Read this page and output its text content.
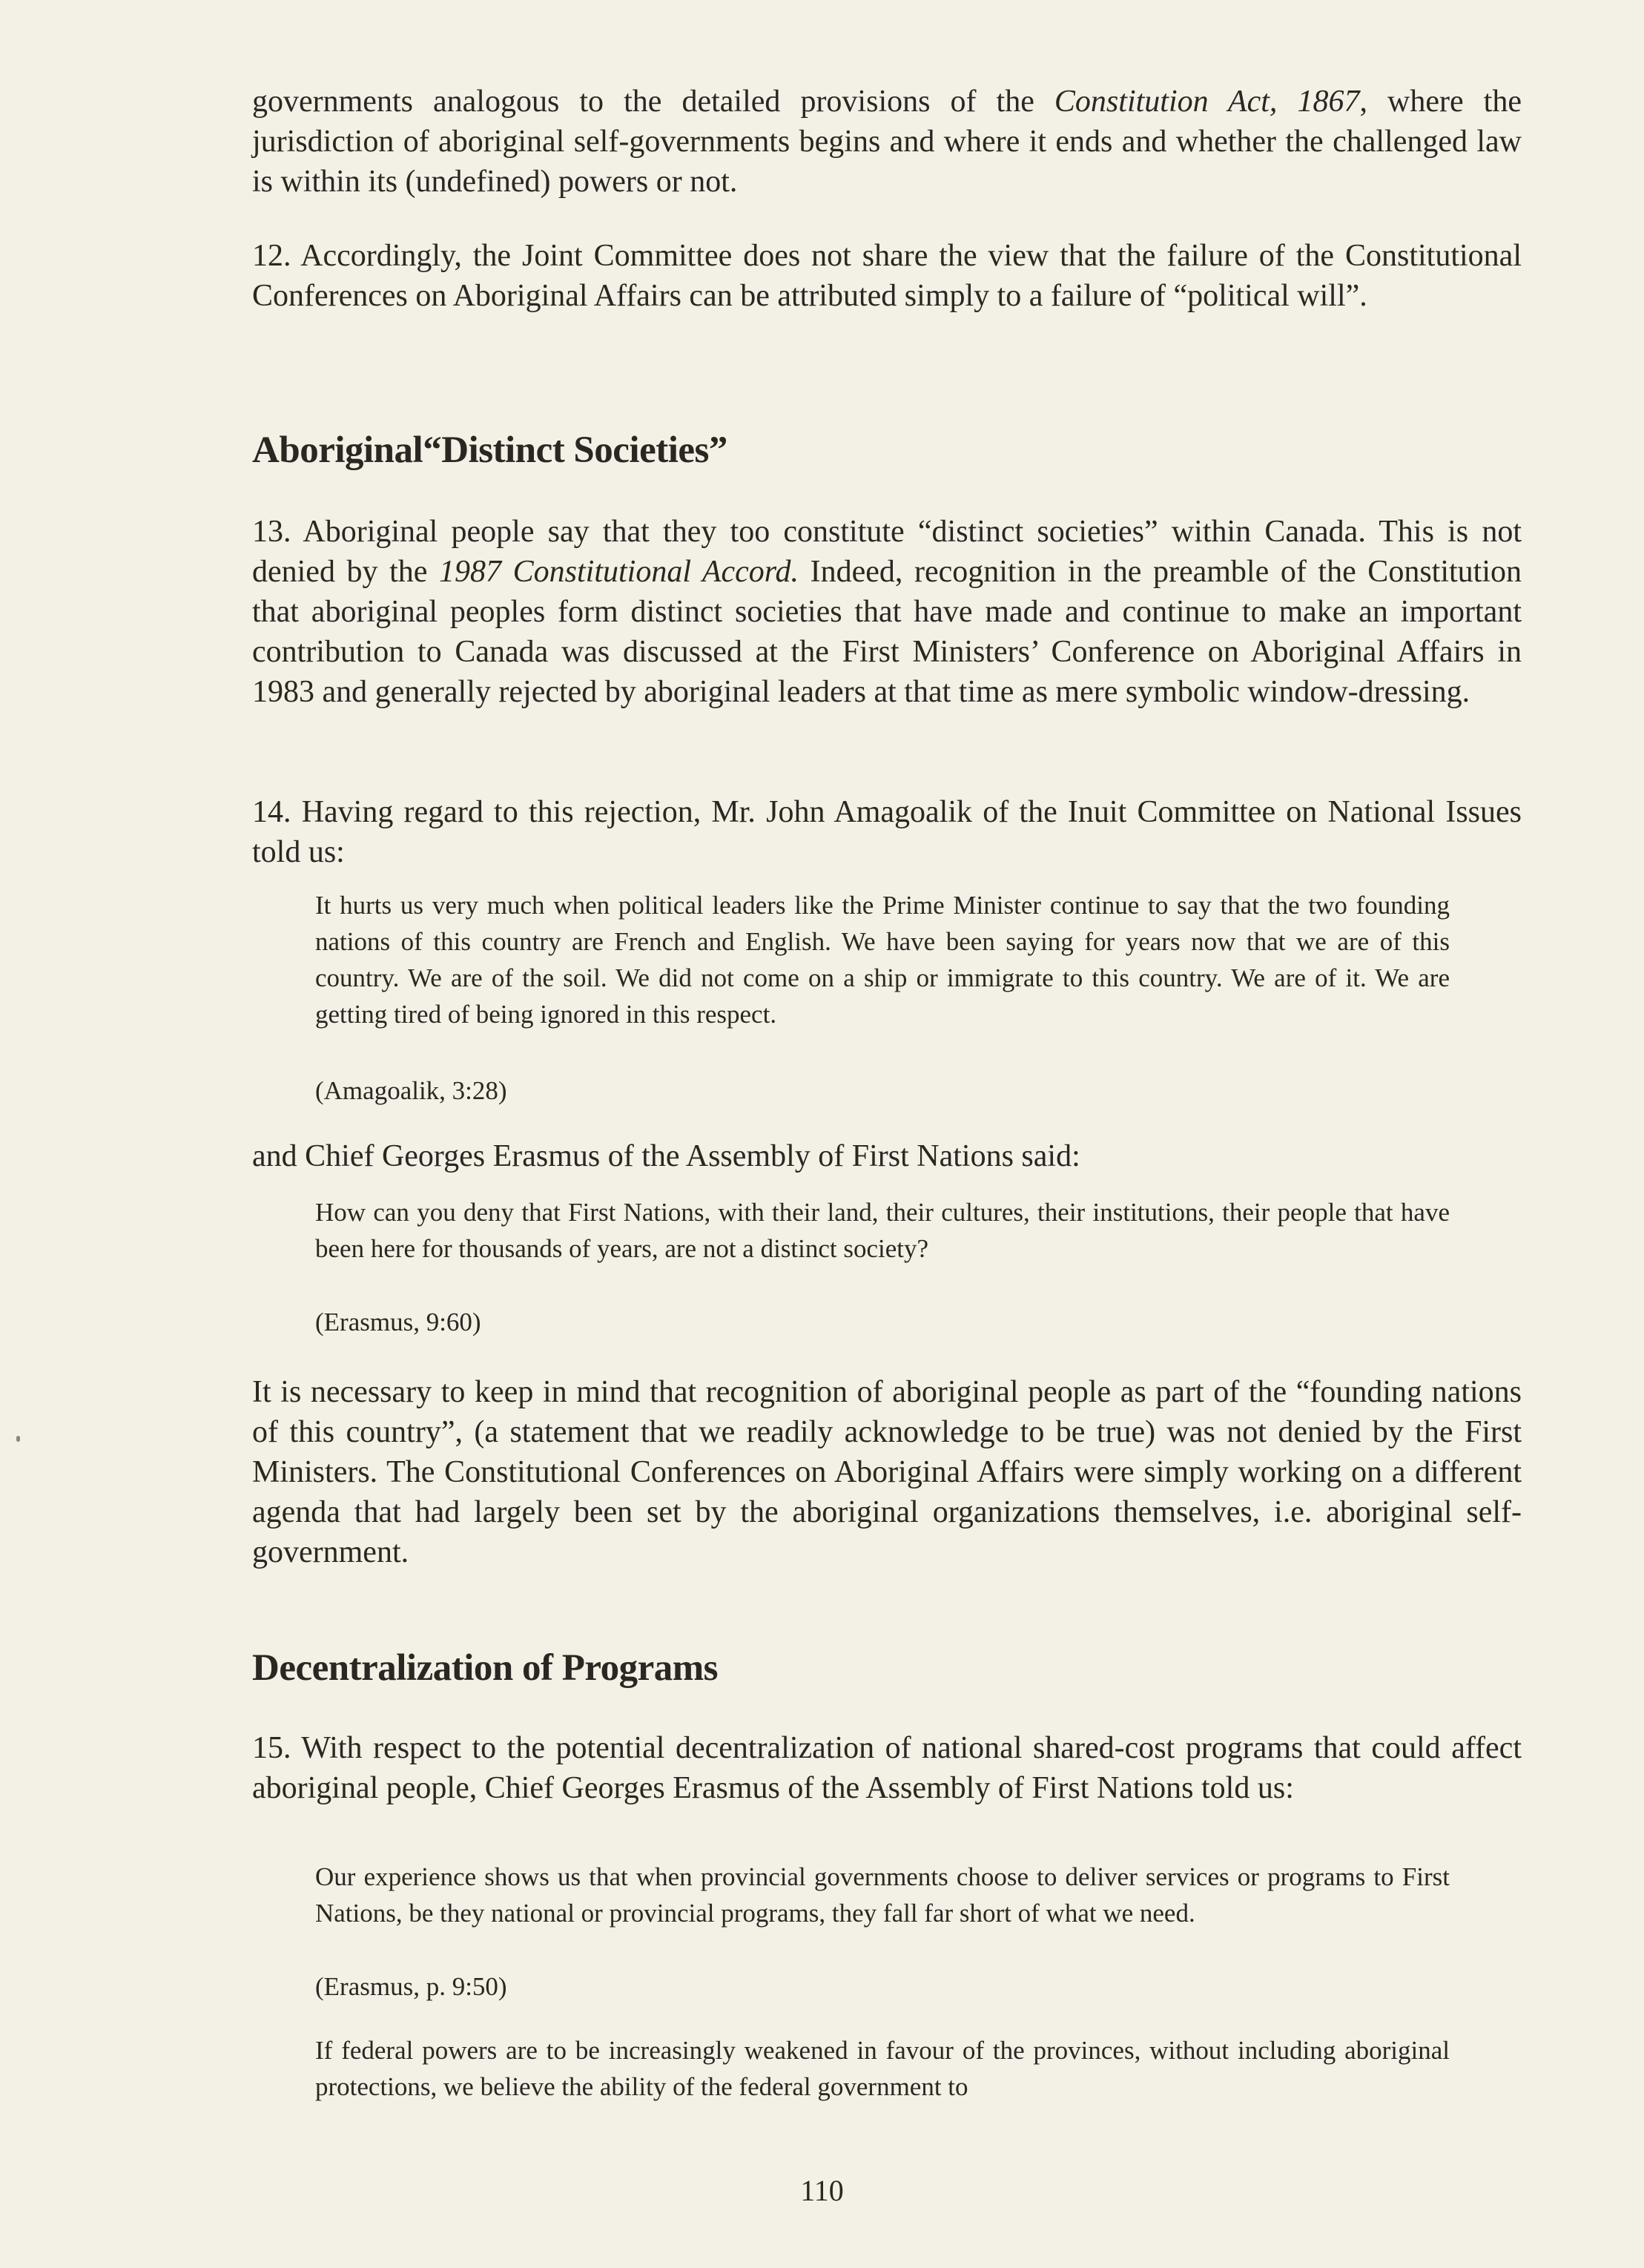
governments analogous to the detailed provisions of the Constitution Act, 1867, where the jurisdiction of aboriginal self-governments begins and where it ends and whether the challenged law is within its (undefined) powers or not.

12. Accordingly, the Joint Committee does not share the view that the failure of the Constitutional Conferences on Aboriginal Affairs can be attributed simply to a failure of “political will”.

Aboriginal“Distinct Societies”

13. Aboriginal people say that they too constitute “distinct societies” within Canada. This is not denied by the 1987 Constitutional Accord. Indeed, recognition in the preamble of the Constitution that aboriginal peoples form distinct societies that have made and continue to make an important contribution to Canada was discussed at the First Ministers’ Conference on Aboriginal Affairs in 1983 and generally rejected by aboriginal leaders at that time as mere symbolic window-dressing.

14. Having regard to this rejection, Mr. John Amagoalik of the Inuit Committee on National Issues told us:

It hurts us very much when political leaders like the Prime Minister continue to say that the two founding nations of this country are French and English. We have been saying for years now that we are of this country. We are of the soil. We did not come on a ship or immigrate to this country. We are of it. We are getting tired of being ignored in this respect.

(Amagoalik, 3:28)

and Chief Georges Erasmus of the Assembly of First Nations said:

How can you deny that First Nations, with their land, their cultures, their institutions, their people that have been here for thousands of years, are not a distinct society?

(Erasmus, 9:60)

It is necessary to keep in mind that recognition of aboriginal people as part of the “founding nations of this country”, (a statement that we readily acknowledge to be true) was not denied by the First Ministers. The Constitutional Conferences on Aboriginal Affairs were simply working on a different agenda that had largely been set by the aboriginal organizations themselves, i.e. aboriginal self-government.

Decentralization of Programs

15. With respect to the potential decentralization of national shared-cost programs that could affect aboriginal people, Chief Georges Erasmus of the Assembly of First Nations told us:

Our experience shows us that when provincial governments choose to deliver services or programs to First Nations, be they national or provincial programs, they fall far short of what we need.

(Erasmus, p. 9:50)

If federal powers are to be increasingly weakened in favour of the provinces, without including aboriginal protections, we believe the ability of the federal government to

110
